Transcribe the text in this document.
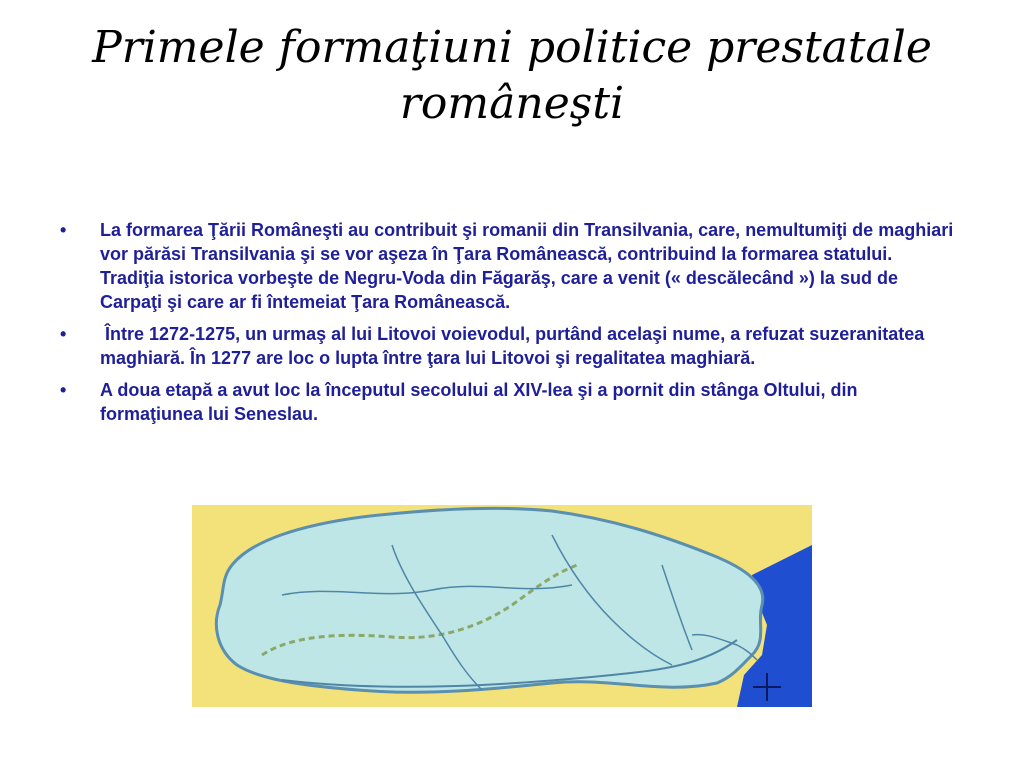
Primele formaţiuni politice prestatale româneşti
• La formarea Ţării Româneşti au contribuit şi romanii din Transilvania, care, nemultumiţi de maghiari vor părăsi Transilvania şi se vor aşeza în Ţara Românească, contribuind la formarea statului. Tradiţia istorica vorbeşte de Negru-Voda din Făgarăş, care a venit (« descălecând ») la sud de Carpaţi şi care ar fi întemeiat Ţara Românească.
• Între 1272-1275, un urmaş al lui Litovoi voievodul, purtând acelaşi nume, a refuzat suzeranitatea maghiară. În 1277 are loc o lupta între ţara lui Litovoi şi regalitatea maghiară.
• A doua etapă a avut loc la începutul secolului al XIV-lea şi a pornit din stânga Oltului, din formaţiunea lui Seneslau.
